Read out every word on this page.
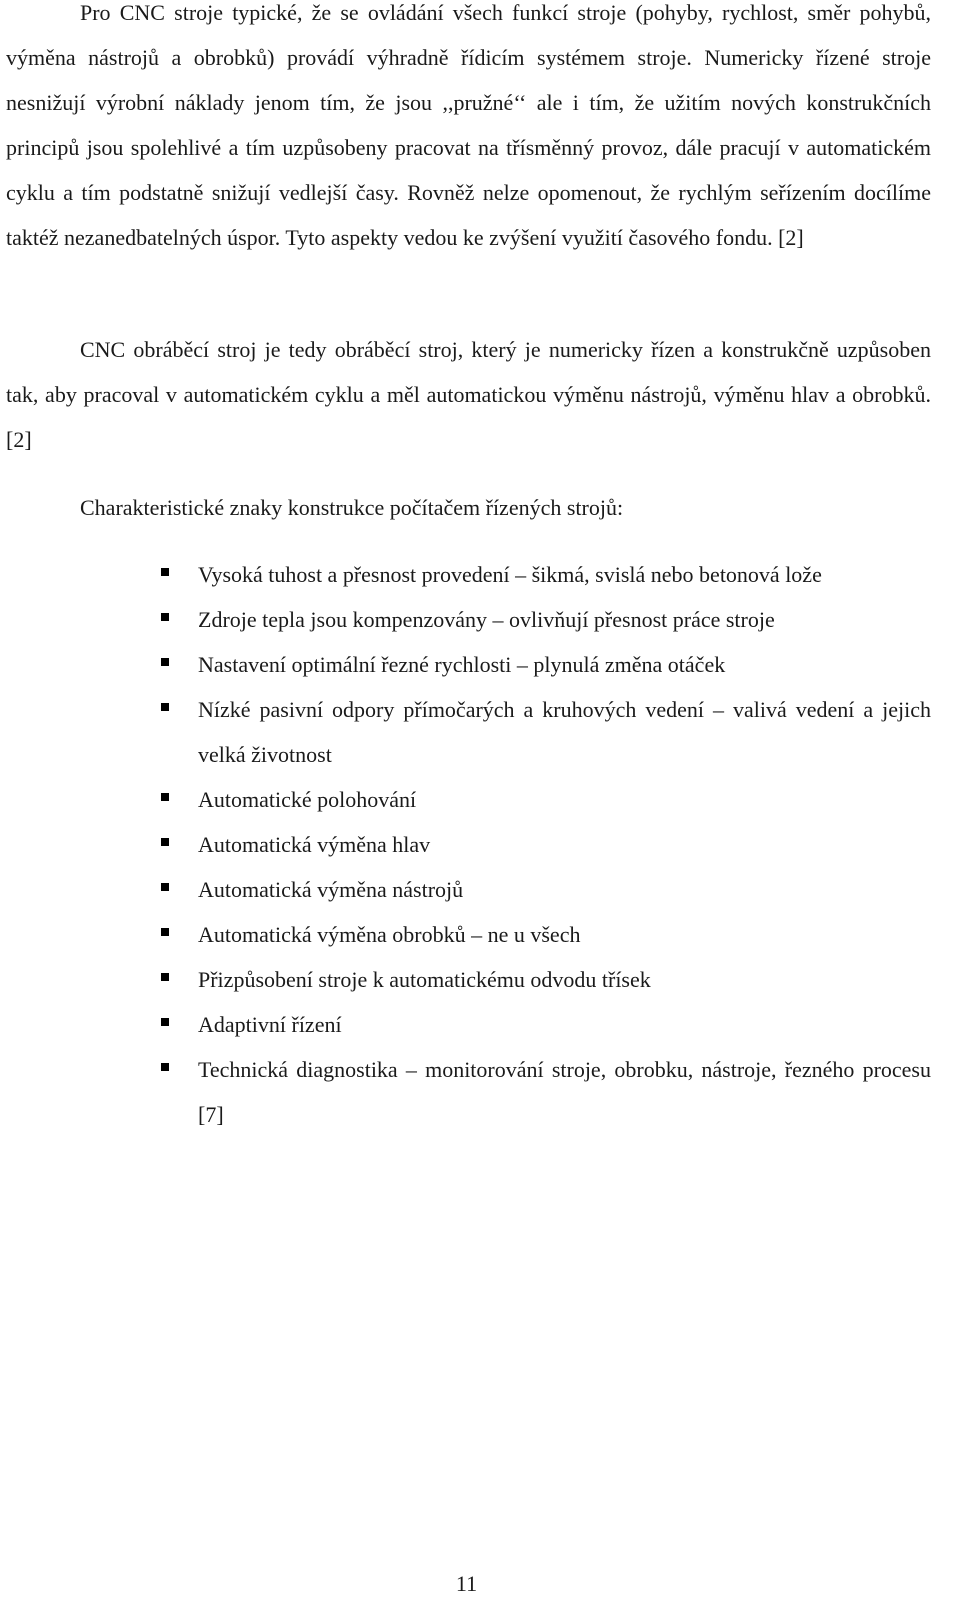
Pro CNC stroje typické, že se ovládání všech funkcí stroje (pohyby, rychlost, směr pohybů, výměna nástrojů a obrobků) provádí výhradně řídicím systémem stroje. Numericky řízené stroje nesnižují výrobní náklady jenom tím, že jsou ,,pružné‘‘ ale i tím, že užitím nových konstrukčních principů jsou spolehlivé a tím uzpůsobeny pracovat na třísměnný provoz, dále pracují v automatickém cyklu a tím podstatně snižují vedlejší časy. Rovněž nelze opomenout, že rychlým seřízením docílíme taktéž nezanedbatelných úspor. Tyto aspekty vedou ke zvýšení využití časového fondu. [2]

CNC obráběcí stroj je tedy obráběcí stroj, který je numericky řízen a konstrukčně uzpůsoben tak, aby pracoval v automatickém cyklu a měl automatickou výměnu nástrojů, výměnu hlav a obrobků. [2]

Charakteristické znaky konstrukce počítačem řízených strojů:

Vysoká tuhost a přesnost provedení – šikmá, svislá nebo betonová lože
Zdroje tepla jsou kompenzovány – ovlivňují přesnost práce stroje
Nastavení optimální řezné rychlosti – plynulá změna otáček
Nízké pasivní odpory přímočarých a kruhových vedení – valivá vedení a jejich velká životnost
Automatické polohování
Automatická výměna hlav
Automatická výměna nástrojů
Automatická výměna obrobků – ne u všech
Přizpůsobení stroje k automatickému odvodu třísek
Adaptivní řízení
Technická diagnostika – monitorování stroje, obrobku, nástroje, řezného procesu [7]
11
